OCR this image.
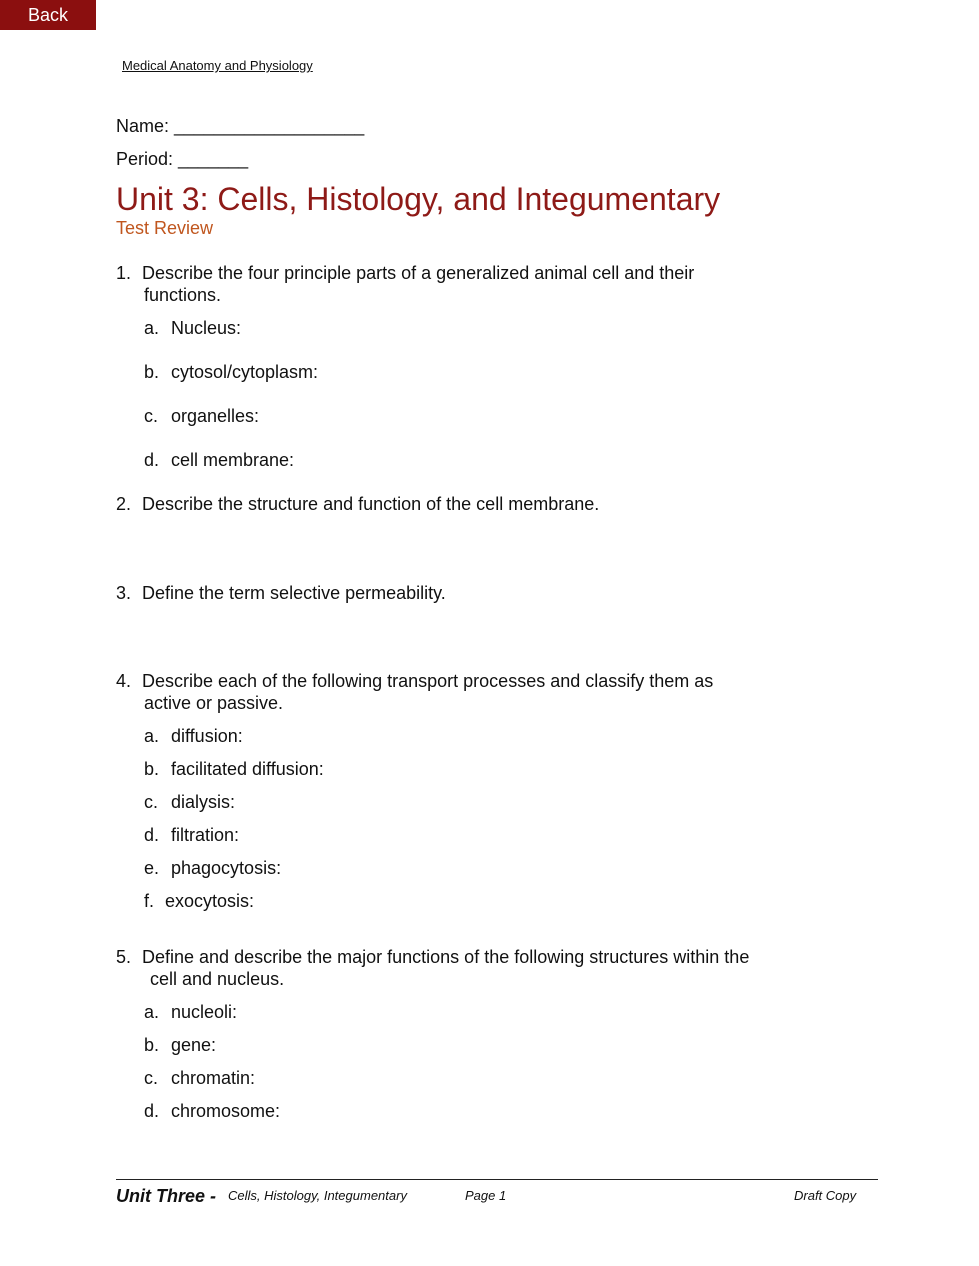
Back
Medical Anatomy and Physiology
Name: ___________________
Period: _______
Unit 3: Cells, Histology, and Integumentary
Test Review
1. Describe the four principle parts of a generalized animal cell and their
functions.
a. Nucleus:
b. cytosol/cytoplasm:
c. organelles:
d. cell membrane:
2. Describe the structure and function of the cell membrane.
3. Define the term selective permeability.
4. Describe each of the following transport processes and classify them as
active or passive.
a. diffusion:
b. facilitated diffusion:
c. dialysis:
d. filtration:
e. phagocytosis:
f. exocytosis:
5. Define and describe the major functions of the following structures within the
cell and nucleus.
a. nucleoli:
b. gene:
c. chromatin:
d. chromosome:
Unit Three - Cells, Histology, Integumentary	Page 1	Draft Copy
